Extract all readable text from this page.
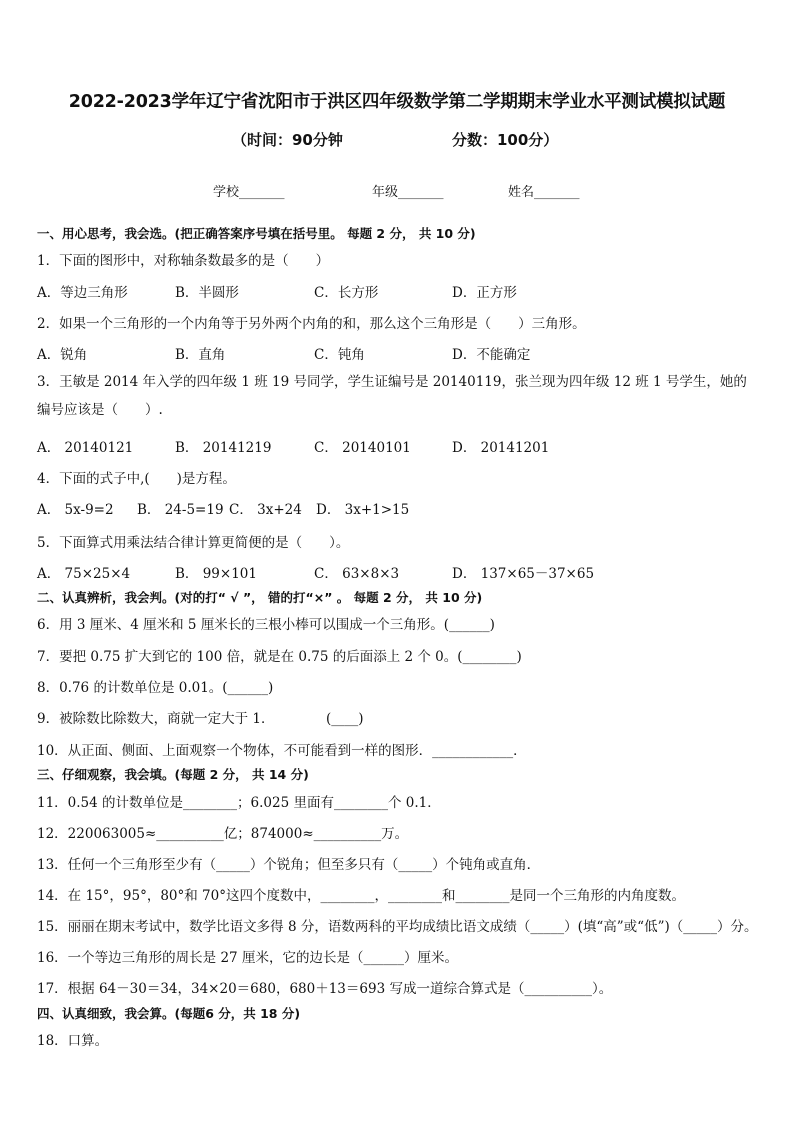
2022-2023学年辽宁省沈阳市于洪区四年级数学第二学期期末学业水平测试模拟试题
（时间：90分钟	分数：100分）
学校_______	年级_______	姓名_______
一、用心思考，我会选。(把正确答案序号填在括号里。 每题 2 分， 共 10 分)
1．下面的图形中，对称轴条数最多的是（　　）
A．等边三角形	B．半圆形	C．长方形	D．正方形
2．如果一个三角形的一个内角等于另外两个内角的和，那么这个三角形是（　　）三角形。
A．锐角	B．直角	C．钝角	D．不能确定
3．王敏是 2014 年入学的四年级 1 班 19 号同学，学生证编号是 20140119，张兰现为四年级 12 班 1 号学生，她的编号应该是（　　）.
A． 20140121	B． 20141219	C． 20140101	D． 20141201
4．下面的式子中,(　　)是方程。
A． 5x-9=2 B． 24-5=19 C． 3x+24 D． 3x+1>15
5．下面算式用乘法结合律计算更简便的是（　　）。
A． 75×25×4	B． 99×101	C． 63×8×3	D． 137×65－37×65
二、认真辨析，我会判。(对的打“ √ ”， 错的打“×” 。 每题 2 分， 共 10 分)
6．用 3 厘米、4 厘米和 5 厘米长的三根小棒可以围成一个三角形。(______)
7．要把 0.75 扩大到它的 100 倍，就是在 0.75 的后面添上 2 个 0。(________)
8．0.76 的计数单位是 0.01。(______)
9．被除数比除数大，商就一定大于 1．　　　　 (____)
10．从正面、侧面、上面观察一个物体，不可能看到一样的图形．____________．
三、仔细观察，我会填。(每题 2 分， 共 14 分)
11．0.54 的计数单位是________；6.025 里面有________个 0.1．
12．220063005≈__________亿；874000≈__________万。
13．任何一个三角形至少有（_____）个锐角；但至多只有（_____）个钝角或直角．
14．在 15°，95°，80°和 70°这四个度数中，________，________和________是同一个三角形的内角度数。
15．丽丽在期末考试中，数学比语文多得 8 分，语数两科的平均成绩比语文成绩（_____）(填“高”或“低”)（_____）分。
16．一个等边三角形的周长是 27 厘米，它的边长是（______）厘米。
17．根据 64－30＝34，34×20＝680，680＋13＝693 写成一道综合算式是（__________）。
四、认真细致，我会算。(每题6 分，共 18 分)
18．口算。
